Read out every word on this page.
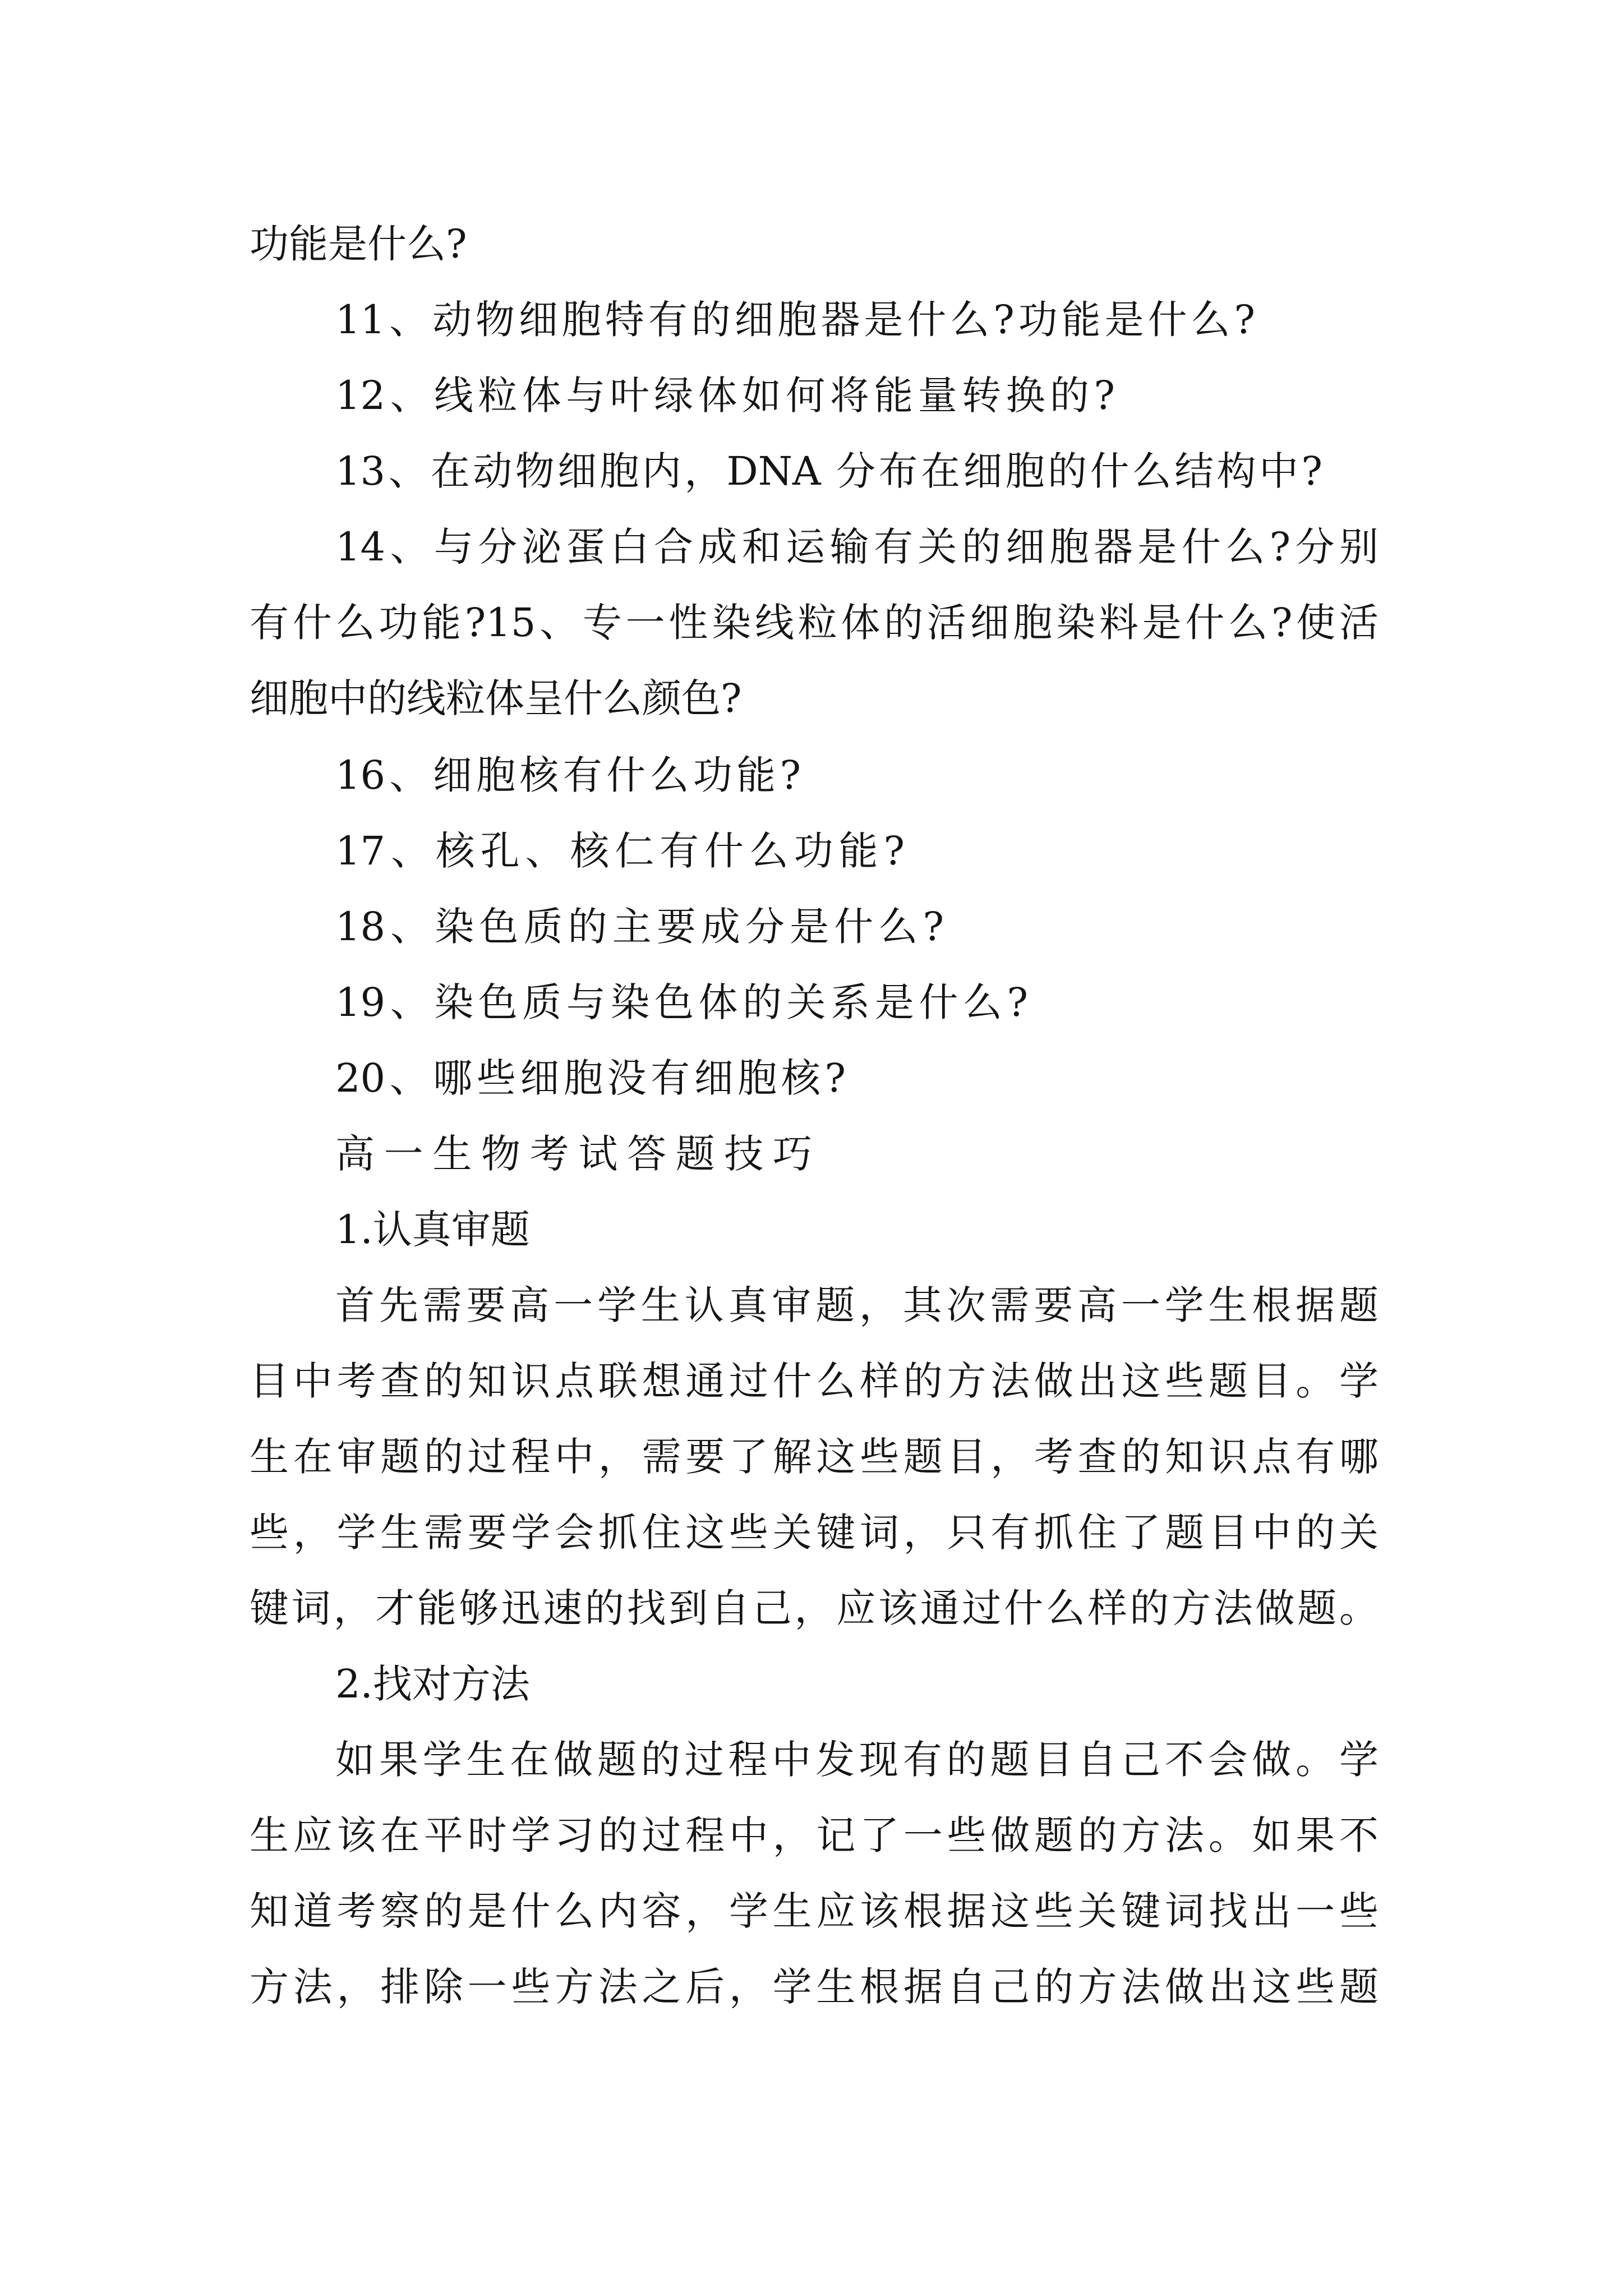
功能是什么?
11、动物细胞特有的细胞器是什么?功能是什么?
12、线粒体与叶绿体如何将能量转换的?
13、在动物细胞内，DNA 分布在细胞的什么结构中?
14、与分泌蛋白合成和运输有关的细胞器是什么?分别
有什么功能?15、专一性染线粒体的活细胞染料是什么?使活
细胞中的线粒体呈什么颜色?
16、细胞核有什么功能?
17、核孔、核仁有什么功能?
18、染色质的主要成分是什么?
19、染色质与染色体的关系是什么?
20、哪些细胞没有细胞核?
高一生物考试答题技巧
1.认真审题
首先需要高一学生认真审题，其次需要高一学生根据题
目中考查的知识点联想通过什么样的方法做出这些题目。学
生在审题的过程中，需要了解这些题目，考查的知识点有哪
些，学生需要学会抓住这些关键词，只有抓住了题目中的关
键词，才能够迅速的找到自己，应该通过什么样的方法做题。
2.找对方法
如果学生在做题的过程中发现有的题目自己不会做。学
生应该在平时学习的过程中，记了一些做题的方法。如果不
知道考察的是什么内容，学生应该根据这些关键词找出一些
方法，排除一些方法之后，学生根据自己的方法做出这些题
